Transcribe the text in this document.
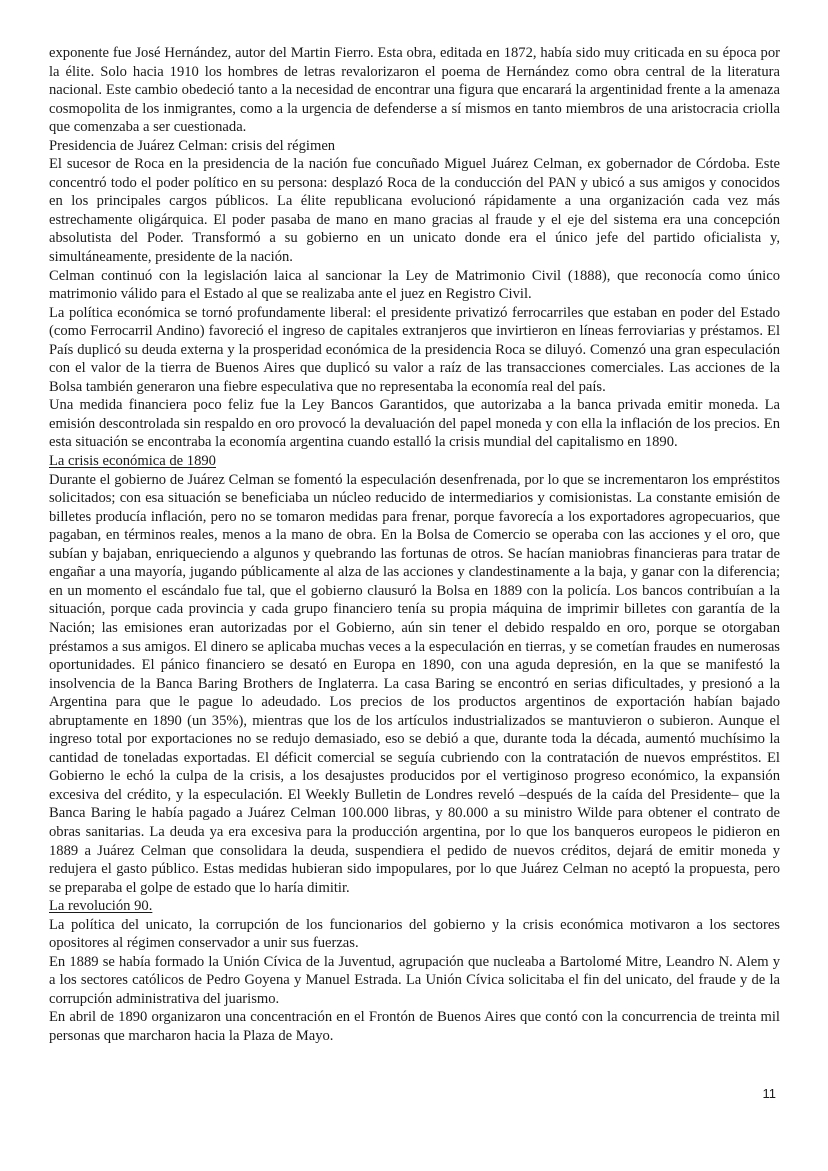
exponente fue José Hernández, autor del Martin Fierro. Esta obra, editada en 1872, había sido muy criticada en su época por la élite. Solo hacia 1910 los hombres de letras revalorizaron el poema de Hernández como obra central de la literatura nacional. Este cambio obedeció tanto a la necesidad de encontrar una figura que encarará la argentinidad frente a la amenaza cosmopolita de los inmigrantes, como a la urgencia de defenderse a sí mismos en tanto miembros de una aristocracia criolla que comenzaba a ser cuestionada.

Presidencia de Juárez Celman: crisis del régimen

El sucesor de Roca en la presidencia de la nación fue concuñado Miguel Juárez Celman, ex gobernador de Córdoba. Este concentró todo el poder político en su persona: desplazó Roca de la conducción del PAN y ubicó a sus amigos y conocidos en los principales cargos públicos. La élite republicana evolucionó rápidamente a una organización cada vez más estrechamente oligárquica. El poder pasaba de mano en mano gracias al fraude y el eje del sistema era una concepción absolutista del Poder. Transformó a su gobierno en un unicato donde era el único jefe del partido oficialista y, simultáneamente, presidente de la nación.

Celman continuó con la legislación laica al sancionar la Ley de Matrimonio Civil (1888), que reconocía como único matrimonio válido para el Estado al que se realizaba ante el juez en Registro Civil.

La política económica se tornó profundamente liberal: el presidente privatizó ferrocarriles que estaban en poder del Estado (como Ferrocarril Andino) favoreció el ingreso de capitales extranjeros que invirtieron en líneas ferroviarias y préstamos. El País duplicó su deuda externa y la prosperidad económica de la presidencia Roca se diluyó. Comenzó una gran especulación con el valor de la tierra de Buenos Aires que duplicó su valor a raíz de las transacciones comerciales. Las acciones de la Bolsa también generaron una fiebre especulativa que no representaba la economía real del país.

Una medida financiera poco feliz fue la Ley Bancos Garantidos, que autorizaba a la banca privada emitir moneda. La emisión descontrolada sin respaldo en oro provocó la devaluación del papel moneda y con ella la inflación de los precios. En esta situación se encontraba la economía argentina cuando estalló la crisis mundial del capitalismo en 1890.

La crisis económica de 1890

Durante el gobierno de Juárez Celman se fomentó la especulación desenfrenada, por lo que se incrementaron los empréstitos solicitados; con esa situación se beneficiaba un núcleo reducido de intermediarios y comisionistas. La constante emisión de billetes producía inflación, pero no se tomaron medidas para frenar, porque favorecía a los exportadores agropecuarios, que pagaban, en términos reales, menos a la mano de obra. En la Bolsa de Comercio se operaba con las acciones y el oro, que subían y bajaban, enriqueciendo a algunos y quebrando las fortunas de otros. Se hacían maniobras financieras para tratar de engañar a una mayoría, jugando públicamente al alza de las acciones y clandestinamente a la baja, y ganar con la diferencia; en un momento el escándalo fue tal, que el gobierno clausuró la Bolsa en 1889 con la policía. Los bancos contribuían a la situación, porque cada provincia y cada grupo financiero tenía su propia máquina de imprimir billetes con garantía de la Nación; las emisiones eran autorizadas por el Gobierno, aún sin tener el debido respaldo en oro, porque se otorgaban préstamos a sus amigos. El dinero se aplicaba muchas veces a la especulación en tierras, y se cometían fraudes en numerosas oportunidades. El pánico financiero se desató en Europa en 1890, con una aguda depresión, en la que se manifestó la insolvencia de la Banca Baring Brothers de Inglaterra. La casa Baring se encontró en serias dificultades, y presionó a la Argentina para que le pague lo adeudado. Los precios de los productos argentinos de exportación habían bajado abruptamente en 1890 (un 35%), mientras que los de los artículos industrializados se mantuvieron o subieron. Aunque el ingreso total por exportaciones no se redujo demasiado, eso se debió a que, durante toda la década, aumentó muchísimo la cantidad de toneladas exportadas. El déficit comercial se seguía cubriendo con la contratación de nuevos empréstitos. El Gobierno le echó la culpa de la crisis, a los desajustes producidos por el vertiginoso progreso económico, la expansión excesiva del crédito, y la especulación. El Weekly Bulletin de Londres reveló –después de la caída del Presidente– que la Banca Baring le había pagado a Juárez Celman 100.000 libras, y 80.000 a su ministro Wilde para obtener el contrato de obras sanitarias. La deuda ya era excesiva para la producción argentina, por lo que los banqueros europeos le pidieron en 1889 a Juárez Celman que consolidara la deuda, suspendiera el pedido de nuevos créditos, dejará de emitir moneda y redujera el gasto público. Estas medidas hubieran sido impopulares, por lo que Juárez Celman no aceptó la propuesta, pero se preparaba el golpe de estado que lo haría dimitir.

La revolución 90.

La política del unicato, la corrupción de los funcionarios del gobierno y la crisis económica motivaron a los sectores opositores al régimen conservador a unir sus fuerzas.

En 1889 se había formado la Unión Cívica de la Juventud, agrupación que nucleaba a Bartolomé Mitre, Leandro N. Alem y a los sectores católicos de Pedro Goyena y Manuel Estrada. La Unión Cívica solicitaba el fin del unicato, del fraude y de la corrupción administrativa del juarismo.

En abril de 1890 organizaron una concentración en el Frontón de Buenos Aires que contó con la concurrencia de treinta mil personas que marcharon hacia la Plaza de Mayo.

11
